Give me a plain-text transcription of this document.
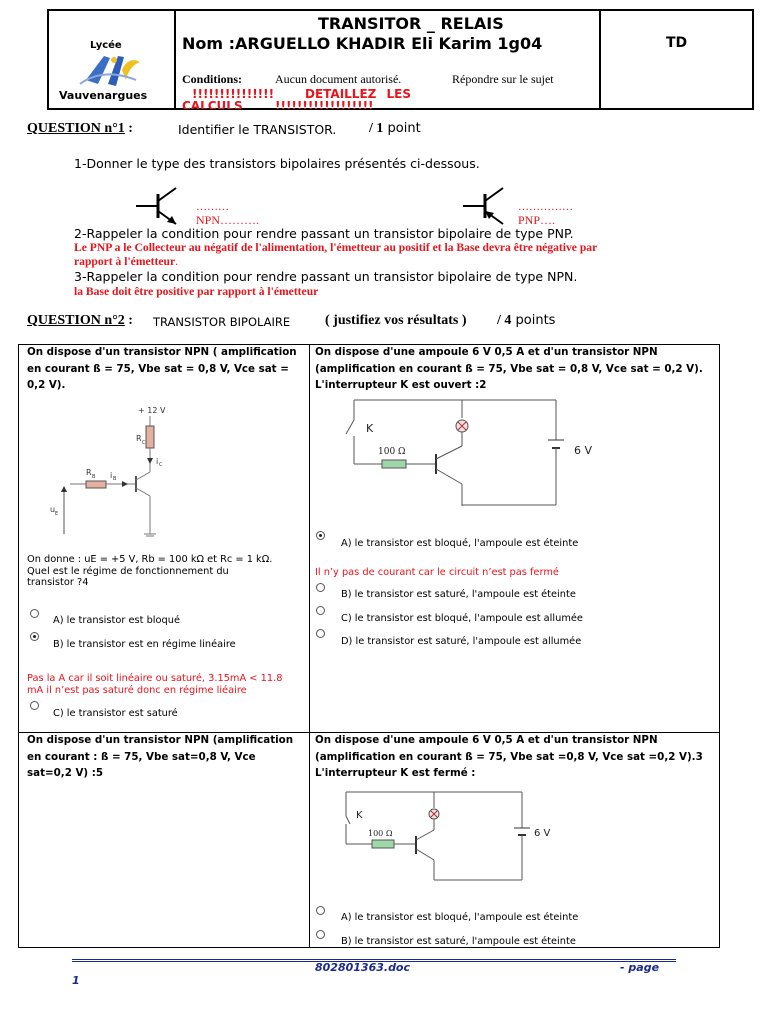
Lycée
Vauvenargues
TRANSITOR _ RELAIS
Nom :ARGUELLO KHADIR Eli Karim 1g04	TD
Conditions:	Aucun document autorisé.	Répondre sur le sujet
!!!!!!!!!!!!!!!	DETAILLEZ LES
CALCULS	!!!!!!!!!!!!!!!!!!
QUESTION n°1 :	Identifier le TRANSISTOR. / 1 point
1-Donner le type des transistors bipolaires présentés ci-dessous.
………
NPN……….
……………
PNP….
2-Rappeler la condition pour rendre passant un transistor bipolaire de type PNP.
Le PNP a le Collecteur au négatif de l'alimentation, l'émetteur au positif et la Base devra être négative par
rapport à l'émetteur.
3-Rappeler la condition pour rendre passant un transistor bipolaire de type NPN.
la Base doit être positive par rapport à l'émetteur
QUESTION n°2 : TRANSISTOR BIPOLAIRE ( justifiez vos résultats ) / 4 points
On dispose d'un transistor NPN ( amplification
en courant ß = 75, Vbe sat = 0,8 V, Vce sat =
0,2 V).
+ 12 V
R C
i C
R B i B
u E
On donne : uE = +5 V, Rb = 100 kΩ et Rc = 1 kΩ.
Quel est le régime de fonctionnement du
transistor ?4
A) le transistor est bloqué
B) le transistor est en régime linéaire
Pas la A car il soit linéaire ou saturé, 3.15mA < 11.8
mA il n’est pas saturé donc en régime liéaire
C) le transistor est saturé
On dispose d'une ampoule 6 V 0,5 A et d'un transistor NPN
(amplification en courant ß = 75, Vbe sat = 0,8 V, Vce sat = 0,2 V).
L'interrupteur K est ouvert :2
K
100 Ω	6 V
A) le transistor est bloqué, l'ampoule est éteinte
Il n’y pas de courant car le circuit n’est pas fermé
B) le transistor est saturé, l'ampoule est éteinte
C) le transistor est bloqué, l'ampoule est allumée
D) le transistor est saturé, l'ampoule est allumée
On dispose d'un transistor NPN (amplification
en courant : ß = 75, Vbe sat=0,8 V, Vce
sat=0,2 V) :5
On dispose d'une ampoule 6 V 0,5 A et d'un transistor NPN
(amplification en courant ß = 75, Vbe sat =0,8 V, Vce sat =0,2 V).3
L'interrupteur K est fermé :
K
100 Ω	6 V
A) le transistor est bloqué, l'ampoule est éteinte
B) le transistor est saturé, l'ampoule est éteinte
802801363.doc	- page
1
